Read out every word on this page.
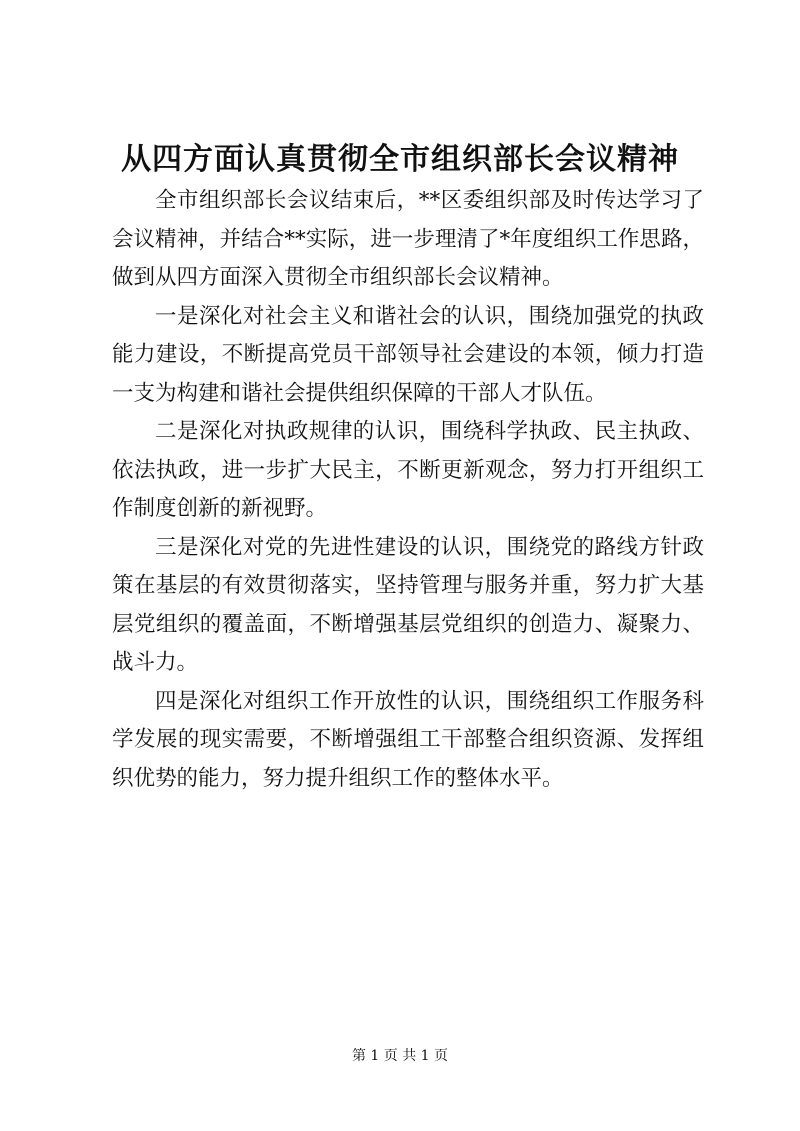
从四方面认真贯彻全市组织部长会议精神

全市组织部长会议结束后，**区委组织部及时传达学习了会议精神，并结合**实际，进一步理清了*年度组织工作思路，做到从四方面深入贯彻全市组织部长会议精神。

一是深化对社会主义和谐社会的认识，围绕加强党的执政能力建设，不断提高党员干部领导社会建设的本领，倾力打造一支为构建和谐社会提供组织保障的干部人才队伍。

二是深化对执政规律的认识，围绕科学执政、民主执政、依法执政，进一步扩大民主，不断更新观念，努力打开组织工作制度创新的新视野。

三是深化对党的先进性建设的认识，围绕党的路线方针政策在基层的有效贯彻落实，坚持管理与服务并重，努力扩大基层党组织的覆盖面，不断增强基层党组织的创造力、凝聚力、战斗力。

四是深化对组织工作开放性的认识，围绕组织工作服务科学发展的现实需要，不断增强组工干部整合组织资源、发挥组织优势的能力，努力提升组织工作的整体水平。

第 1 页 共 1 页
